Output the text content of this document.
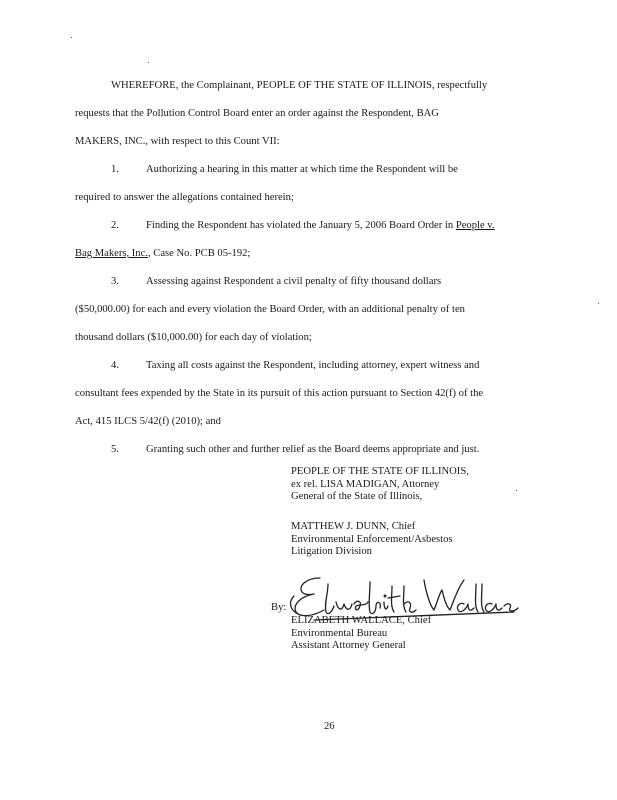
WHEREFORE, the Complainant, PEOPLE OF THE STATE OF ILLINOIS, respectfully
requests that the Pollution Control Board enter an order against the Respondent, BAG
MAKERS, INC., with respect to this Count VII:
1.	Authorizing a hearing in this matter at which time the Respondent will be
required to answer the allegations contained herein;
2.	Finding the Respondent has violated the January 5, 2006 Board Order in People v.
Bag Makers, Inc., Case No. PCB 05-192;
3.	Assessing against Respondent a civil penalty of fifty thousand dollars
($50,000.00) for each and every violation the Board Order, with an additional penalty of ten
thousand dollars ($10,000.00) for each day of violation;
4.	Taxing all costs against the Respondent, including attorney, expert witness and
consultant fees expended by the State in its pursuit of this action pursuant to Section 42(f) of the
Act, 415 ILCS 5/42(f) (2010); and
5.	Granting such other and further relief as the Board deems appropriate and just.
PEOPLE OF THE STATE OF ILLINOIS,
ex rel. LISA MADIGAN, Attorney
General of the State of Illinois,
MATTHEW J. DUNN, Chief
Environmental Enforcement/Asbestos
Litigation Division
By:
ELIZABETH WALLACE, Chief
Environmental Bureau
Assistant Attorney General
26
